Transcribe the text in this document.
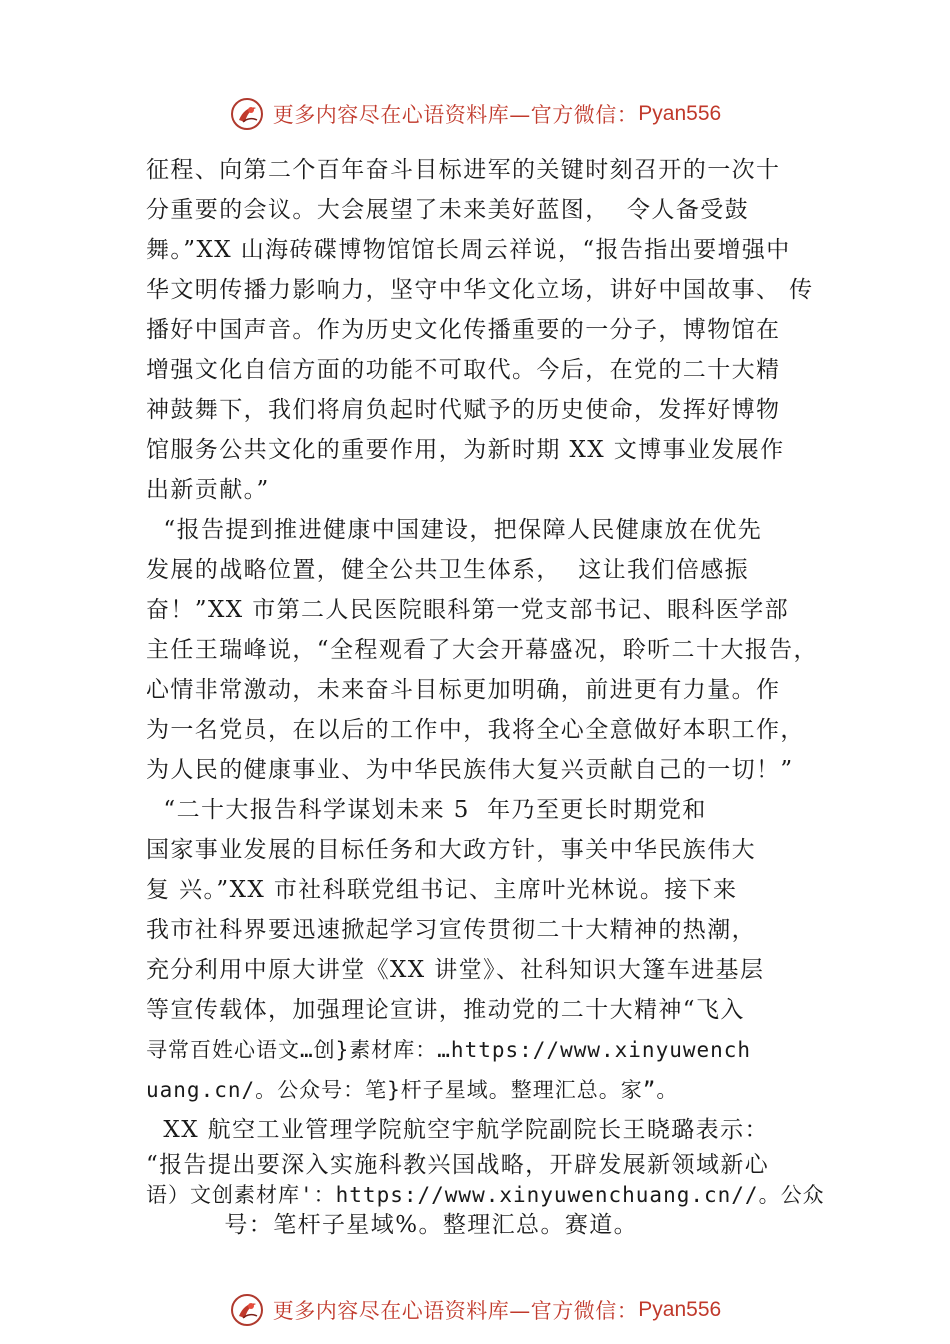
更多内容尽在心语资料库—官方微信： Pyan556
征程、向第二个百年奋斗目标进军的关键时刻召开的一次十
分重要的会议。大会展望了未来美好蓝图，  令人备受鼓
舞。”XX 山海砖碟博物馆馆长周云祥说，“报告指出要增强中
华文明传播力影响力，坚守中华文化立场，讲好中国故事、 传
播好中国声音。作为历史文化传播重要的一分子，博物馆在
增强文化自信方面的功能不可取代。今后，在党的二十大精
神鼓舞下，我们将肩负起时代赋予的历史使命，发挥好博物
馆服务公共文化的重要作用，为新时期 XX 文博事业发展作
出新贡献。”
“报告提到推进健康中国建设，把保障人民健康放在优先
发展的战略位置，健全公共卫生体系，  这让我们倍感振
奋！”XX 市第二人民医院眼科第一党支部书记、眼科医学部
主任王瑞峰说，“全程观看了大会开幕盛况，聆听二十大报告，
心情非常激动，未来奋斗目标更加明确，前进更有力量。作
为一名党员，在以后的工作中，我将全心全意做好本职工作，
为人民的健康事业、为中华民族伟大复兴贡献自己的一切！”
“二十大报告科学谋划未来 5  年乃至更长时期党和
国家事业发展的目标任务和大政方针，事关中华民族伟大
复 兴。”XX 市社科联党组书记、主席叶光林说。接下来
我市社科界要迅速掀起学习宣传贯彻二十大精神的热潮，
充分利用中原大讲堂《XX 讲堂》、社科知识大篷车进基层
等宣传载体，加强理论宣讲，推动党的二十大精神“飞入
寻常百姓心语文…创}素材库：…https://www.xinyuwench
uang.cn/。公众号：笔}杆子星域。整理汇总。家”。
XX 航空工业管理学院航空宇航学院副院长王晓璐表示：
“报告提出要深入实施科教兴国战略，开辟发展新领域新心
语）文创素材库'：https://www.xinyuwenchuang.cn//。公众
号：笔杆子星域%。整理汇总。赛道。
更多内容尽在心语资料库—官方微信： Pyan556
